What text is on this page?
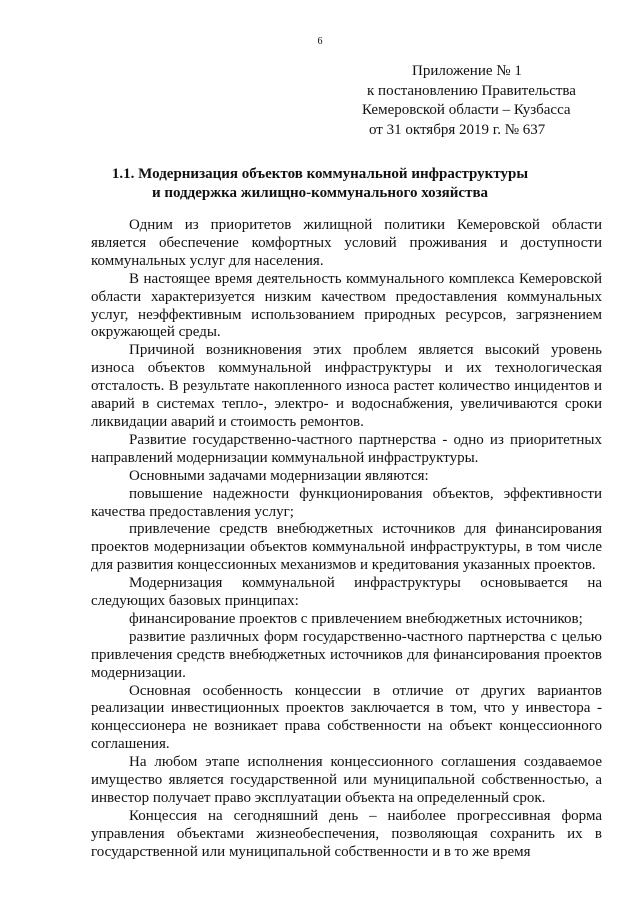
6
Приложение № 1
к постановлению Правительства
Кемеровской области – Кузбасса
от 31 октября 2019 г. № 637
1.1. Модернизация объектов коммунальной инфраструктуры
и поддержка жилищно-коммунального хозяйства

Одним из приоритетов жилищной политики Кемеровской области является обеспечение комфортных условий проживания и доступности коммунальных услуг для населения.

В настоящее время деятельность коммунального комплекса Кемеровской области характеризуется низким качеством предоставления коммунальных услуг, неэффективным использованием природных ресурсов, загрязнением окружающей среды.

Причиной возникновения этих проблем является высокий уровень износа объектов коммунальной инфраструктуры и их технологическая отсталость. В результате накопленного износа растет количество инцидентов и аварий в системах тепло-, электро- и водоснабжения, увеличиваются сроки ликвидации аварий и стоимость ремонтов.

Развитие государственно-частного партнерства - одно из приоритетных направлений модернизации коммунальной инфраструктуры.

Основными задачами модернизации являются:

повышение надежности функционирования объектов, эффективности качества предоставления услуг;

привлечение средств внебюджетных источников для финансирования проектов модернизации объектов коммунальной инфраструктуры, в том числе для развития концессионных механизмов и кредитования указанных проектов.

Модернизация коммунальной инфраструктуры основывается на следующих базовых принципах:

финансирование проектов с привлечением внебюджетных источников;

развитие различных форм государственно-частного партнерства с целью привлечения средств внебюджетных источников для финансирования проектов модернизации.

Основная особенность концессии в отличие от других вариантов реализации инвестиционных проектов заключается в том, что у инвестора - концессионера не возникает права собственности на объект концессионного соглашения.

На любом этапе исполнения концессионного соглашения создаваемое имущество является государственной или муниципальной собственностью, а инвестор получает право эксплуатации объекта на определенный срок.

Концессия на сегодняшний день – наиболее прогрессивная форма управления объектами жизнеобеспечения, позволяющая сохранить их в государственной или муниципальной собственности и в то же время
